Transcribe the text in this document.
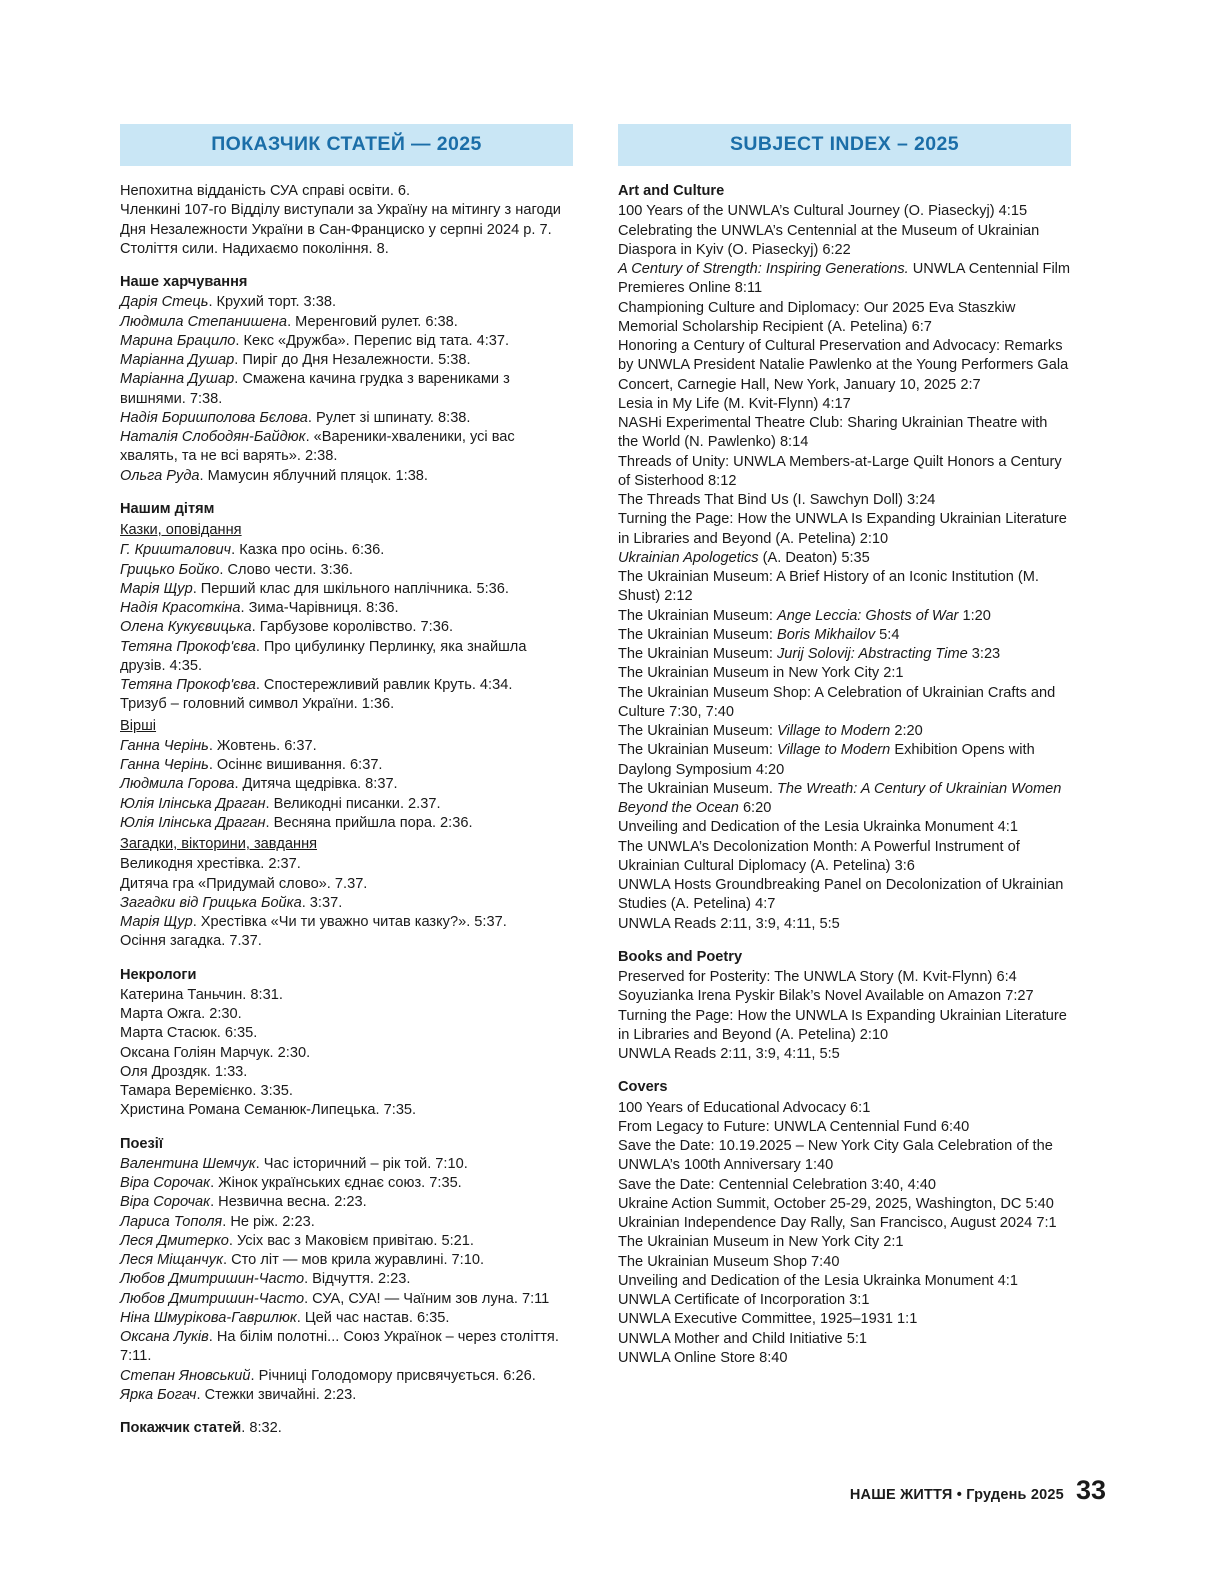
ПОКАЗЧИК СТАТЕЙ — 2025

Непохитна відданість СУА справі освіти. 6.

Членкині 107-го Відділу виступали за Україну на мітингу з нагоди Дня Незалежности України в Сан-Франциско у серпні 2024 р. 7.

Століття сили. Надихаємо покоління. 8.

Наше харчування

Дарія Стець. Крухий торт. 3:38.

Людмила Степанишена. Меренговий рулет. 6:38.

Марина Брацило. Кекс «Дружба». Перепис від тата. 4:37.

Маріанна Душар. Пиріг до Дня Незалежности. 5:38.

Маріанна Душар. Смажена качина грудка з варениками з вишнями. 7:38.

Надія Боришполова Бєлова. Рулет зі шпинату. 8:38.

Наталія Слободян-Байдюк. «Вареники-хваленики, усі вас хвалять, та не всі варять». 2:38.

Ольга Руда. Мамусин яблучний пляцок. 1:38.

Нашим дітям

Казки, оповідання

Г. Кришталович. Казка про осінь. 6:36.

Грицько Бойко. Слово чести. 3:36.

Марія Щур. Перший клас для шкільного наплічника. 5:36.

Надія Красоткіна. Зима-Чарівниця. 8:36.

Олена Кукуєвицька. Гарбузове королівство. 7:36.

Тетяна Прокоф'єва. Про цибулинку Перлинку, яка знайшла друзів. 4:35.

Тетяна Прокоф'єва. Спостережливий равлик Круть. 4:34.

Тризуб – головний символ України. 1:36.

Вірші

Ганна Черінь. Жовтень. 6:37.

Ганна Черінь. Осіннє вишивання. 6:37.

Людмила Горова. Дитяча щедрівка. 8:37.

Юлія Ілінська Драган. Великодні писанки. 2.37.

Юлія Ілінська Драган. Весняна прийшла пора. 2:36.

Загадки, вікторини, завдання

Великодня хрестівка. 2:37.

Дитяча гра «Придумай слово». 7.37.

Загадки від Грицька Бойка. 3:37.

Марія Щур. Хрестівка «Чи ти уважно читав казку?». 5:37.

Осіння загадка. 7.37.

Некрологи

Катерина Таньчин. 8:31.

Марта Ожга. 2:30.

Марта Стасюк. 6:35.

Оксана Голіян Марчук. 2:30.

Оля Дроздяк. 1:33.

Тамара Веремієнко. 3:35.

Христина Романа Семанюк-Липецька. 7:35.

Поезії

Валентина Шемчук. Час історичний – рік той. 7:10.

Віра Сорочак. Жінок українських єднає союз. 7:35.

Віра Сорочак. Незвична весна. 2:23.

Лариса Тополя. Не ріж. 2:23.

Леся Дмитерко. Усіх вас з Маковієм привітаю. 5:21.

Леся Міщанчук. Сто літ — мов крила журавлині. 7:10.

Любов Дмитришин-Часто. Відчуття. 2:23.

Любов Дмитришин-Часто. СУА, СУА! — Чаїним зов луна. 7:11

Ніна Шмурікова-Гаврилюк. Цей час настав. 6:35.

Оксана Луків. На білім полотні... Союз Українок – через століття. 7:11.

Степан Яновський. Річниці Голодомору присвячується. 6:26.

Ярка Богач. Стежки звичайні. 2:23.

Покажчик статей. 8:32.

SUBJECT INDEX – 2025

Art and Culture

100 Years of the UNWLA’s Cultural Journey (O. Piaseckyj) 4:15

Celebrating the UNWLA’s Centennial at the Museum of Ukrainian Diaspora in Kyiv (O. Piaseckyj) 6:22

A Century of Strength: Inspiring Generations. UNWLA Centennial Film Premieres Online 8:11

Championing Culture and Diplomacy: Our 2025 Eva Staszkiw Memorial Scholarship Recipient (A. Petelina) 6:7

Honoring a Century of Cultural Preservation and Advocacy: Remarks by UNWLA President Natalie Pawlenko at the Young Performers Gala Concert, Carnegie Hall, New York, January 10, 2025 2:7

Lesia in My Life (M. Kvit-Flynn) 4:17

NASHi Experimental Theatre Club: Sharing Ukrainian Theatre with the World (N. Pawlenko) 8:14

Threads of Unity: UNWLA Members-at-Large Quilt Honors a Century of Sisterhood 8:12

The Threads That Bind Us (I. Sawchyn Doll) 3:24

Turning the Page: How the UNWLA Is Expanding Ukrainian Literature in Libraries and Beyond (A. Petelina) 2:10

Ukrainian Apologetics (A. Deaton) 5:35

The Ukrainian Museum: A Brief History of an Iconic Institution (M. Shust) 2:12

The Ukrainian Museum: Ange Leccia: Ghosts of War 1:20

The Ukrainian Museum: Boris Mikhailov 5:4

The Ukrainian Museum: Jurij Solovij: Abstracting Time 3:23

The Ukrainian Museum in New York City 2:1

The Ukrainian Museum Shop: A Celebration of Ukrainian Crafts and Culture 7:30, 7:40

The Ukrainian Museum: Village to Modern 2:20

The Ukrainian Museum: Village to Modern Exhibition Opens with Daylong Symposium 4:20

The Ukrainian Museum. The Wreath: A Century of Ukrainian Women Beyond the Ocean 6:20

Unveiling and Dedication of the Lesia Ukrainka Monument 4:1

The UNWLA’s Decolonization Month: A Powerful Instrument of Ukrainian Cultural Diplomacy (A. Petelina) 3:6

UNWLA Hosts Groundbreaking Panel on Decolonization of Ukrainian Studies (A. Petelina) 4:7

UNWLA Reads 2:11, 3:9, 4:11, 5:5

Books and Poetry

Preserved for Posterity: The UNWLA Story (M. Kvit-Flynn) 6:4

Soyuzianka Irena Pyskir Bilak’s Novel Available on Amazon 7:27

Turning the Page: How the UNWLA Is Expanding Ukrainian Literature in Libraries and Beyond (A. Petelina) 2:10

UNWLA Reads 2:11, 3:9, 4:11, 5:5

Covers

100 Years of Educational Advocacy 6:1

From Legacy to Future: UNWLA Centennial Fund 6:40

Save the Date: 10.19.2025 – New York City Gala Celebration of the UNWLA’s 100th Anniversary 1:40

Save the Date: Centennial Celebration 3:40, 4:40

Ukraine Action Summit, October 25-29, 2025, Washington, DC 5:40

Ukrainian Independence Day Rally, San Francisco, August 2024 7:1

The Ukrainian Museum in New York City 2:1

The Ukrainian Museum Shop 7:40

Unveiling and Dedication of the Lesia Ukrainka Monument 4:1

UNWLA Certificate of Incorporation 3:1

UNWLA Executive Committee, 1925–1931 1:1

UNWLA Mother and Child Initiative 5:1

UNWLA Online Store 8:40

НАШЕ ЖИТТЯ • Грудень 2025 33
